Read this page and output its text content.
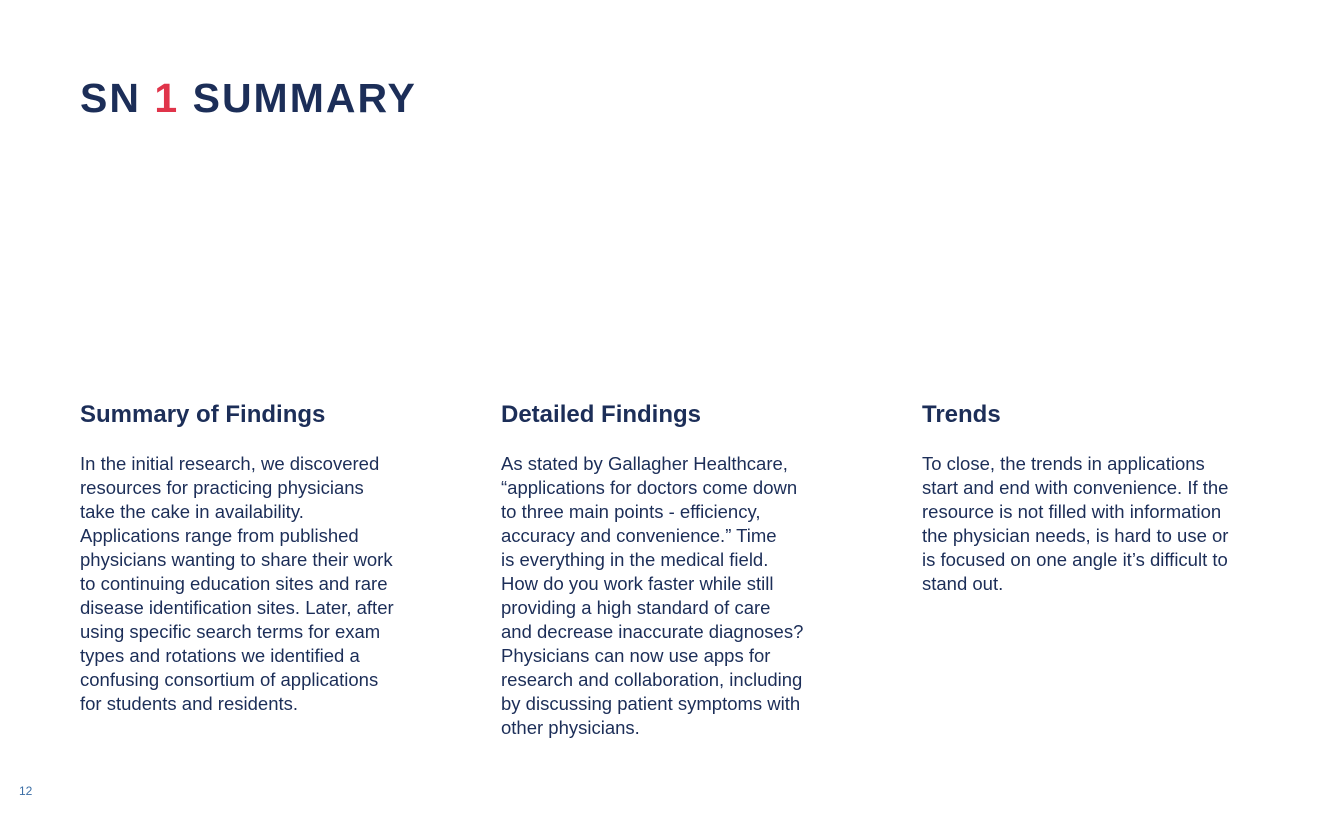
SN 1 SUMMARY
Summary of Findings
In the initial research, we discovered
resources for practicing physicians
take the cake in availability.
Applications range from published
physicians wanting to share their work
to continuing education sites and rare
disease identification sites. Later, after
using specific search terms for exam
types and rotations we identified a
confusing consortium of applications
for students and residents.
Detailed Findings
As stated by Gallagher Healthcare,
“applications for doctors come down
to three main points - efficiency,
accuracy and convenience.” Time
is everything in the medical field.
How do you work faster while still
providing a high standard of care
and decrease inaccurate diagnoses?
Physicians can now use apps for
research and collaboration, including
by discussing patient symptoms with
other physicians.
Trends
To close, the trends in applications
start and end with convenience. If the
resource is not filled with information
the physician needs, is hard to use or
is focused on one angle it’s difficult to
stand out.
12
